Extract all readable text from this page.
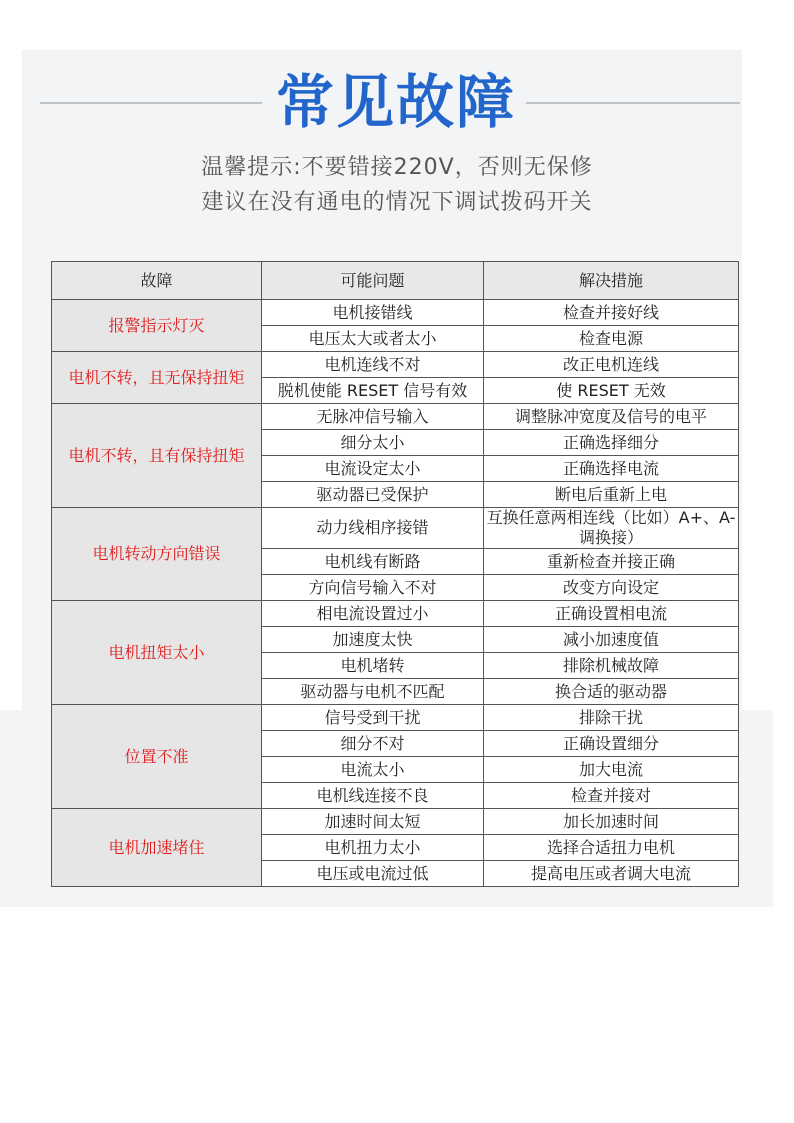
常见故障
温馨提示:不要错接220V，否则无保修
建议在没有通电的情况下调试拨码开关
故障	可能问题	解决措施
报警指示灯灭	电机接错线	检查并接好线
	电压太大或者太小	检查电源
电机不转，且无保持扭矩	电机连线不对	改正电机连线
	脱机使能 RESET 信号有效	使 RESET 无效
电机不转，且有保持扭矩	无脉冲信号输入	调整脉冲宽度及信号的电平
	细分太小	正确选择细分
	电流设定太小	正确选择电流
	驱动器已受保护	断电后重新上电
电机转动方向错误	动力线相序接错	互换任意两相连线（比如）A+、A-调换接）
	电机线有断路	重新检查并接正确
	方向信号输入不对	改变方向设定
电机扭矩太小	相电流设置过小	正确设置相电流
	加速度太快	减小加速度值
	电机堵转	排除机械故障
	驱动器与电机不匹配	换合适的驱动器
位置不准	信号受到干扰	排除干扰
	细分不对	正确设置细分
	电流太小	加大电流
	电机线连接不良	检查并接对
电机加速堵住	加速时间太短	加长加速时间
	电机扭力太小	选择合适扭力电机
	电压或电流过低	提高电压或者调大电流
